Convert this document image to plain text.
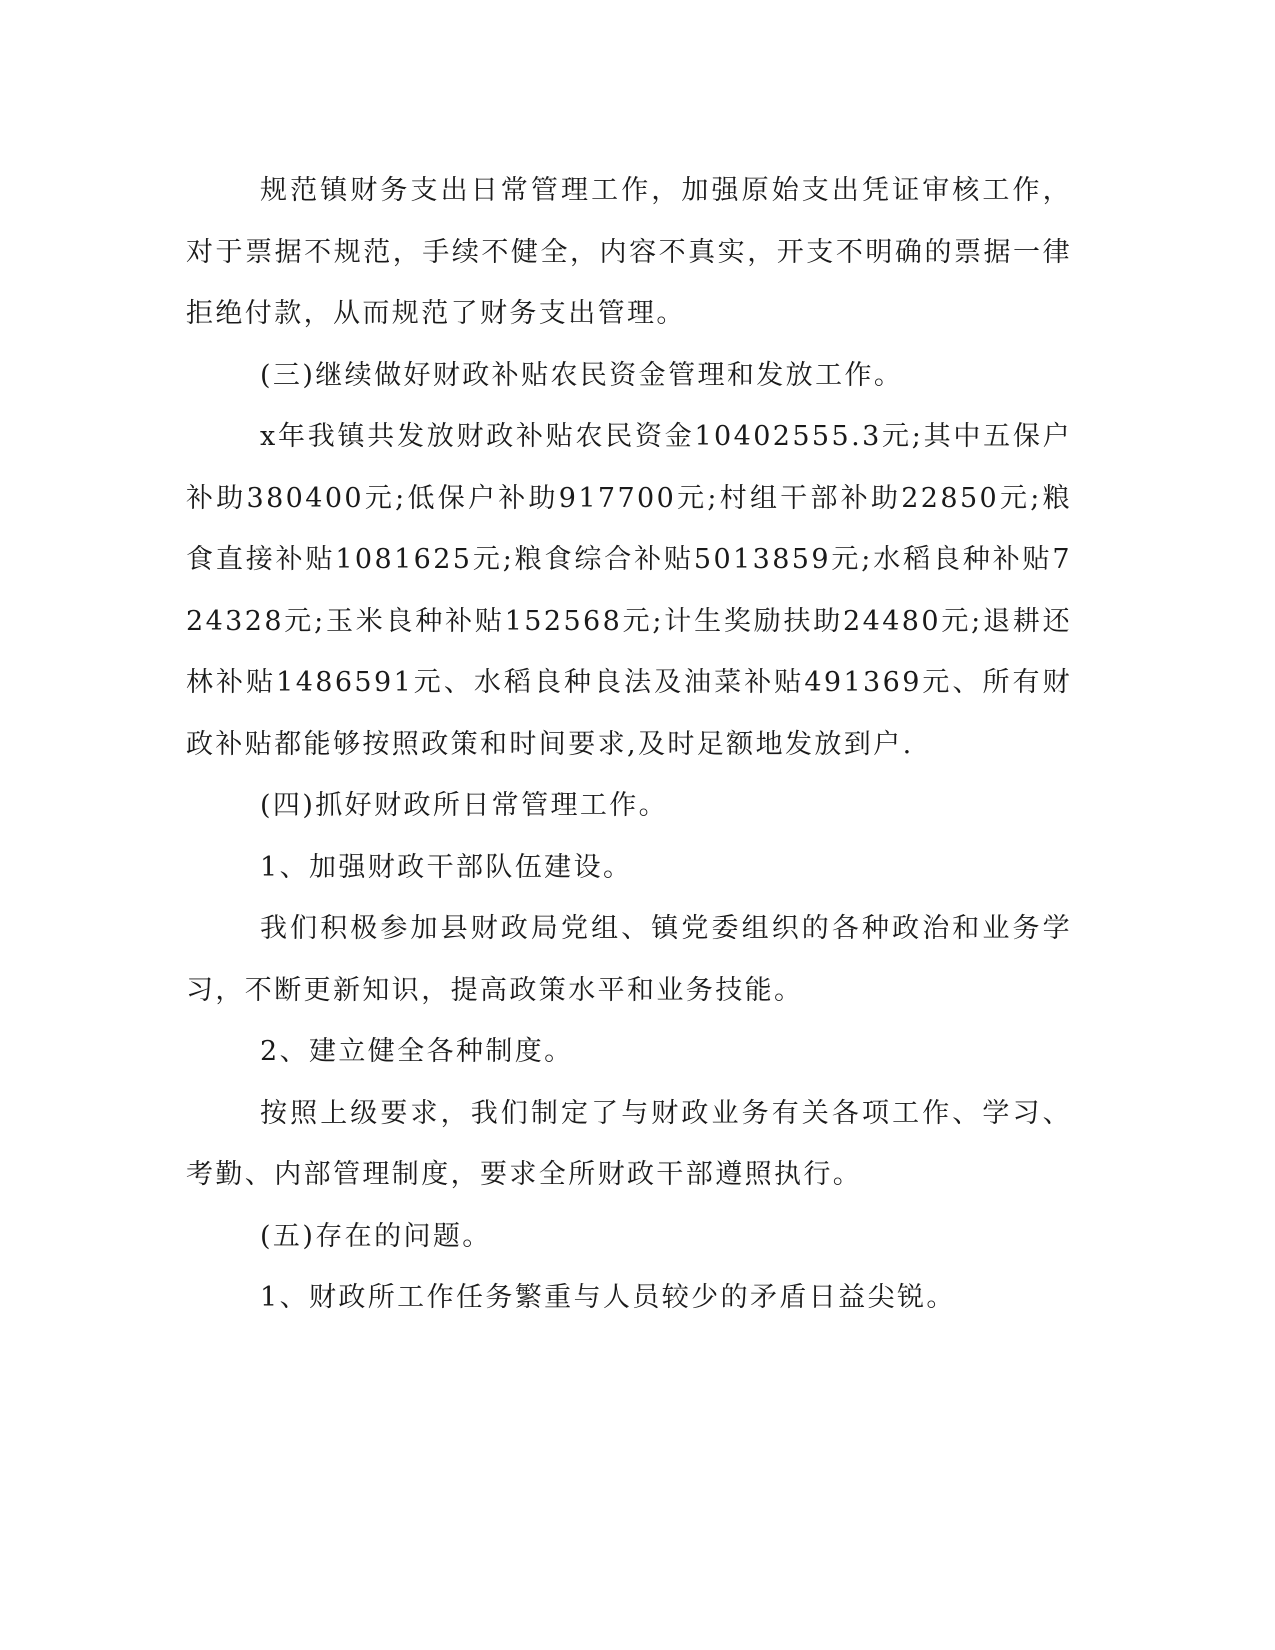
规范镇财务支出日常管理工作，加强原始支出凭证审核工作，对于票据不规范，手续不健全，内容不真实，开支不明确的票据一律拒绝付款，从而规范了财务支出管理。

(三)继续做好财政补贴农民资金管理和发放工作。

x年我镇共发放财政补贴农民资金10402555.3元;其中五保户补助380400元;低保户补助917700元;村组干部补助22850元;粮食直接补贴1081625元;粮食综合补贴5013859元;水稻良种补贴724328元;玉米良种补贴152568元;计生奖励扶助24480元;退耕还林补贴1486591元、水稻良种良法及油菜补贴491369元、所有财政补贴都能够按照政策和时间要求,及时足额地发放到户.

(四)抓好财政所日常管理工作。

1、加强财政干部队伍建设。

我们积极参加县财政局党组、镇党委组织的各种政治和业务学习，不断更新知识，提高政策水平和业务技能。

2、建立健全各种制度。

按照上级要求，我们制定了与财政业务有关各项工作、学习、考勤、内部管理制度，要求全所财政干部遵照执行。

(五)存在的问题。

1、财政所工作任务繁重与人员较少的矛盾日益尖锐。
